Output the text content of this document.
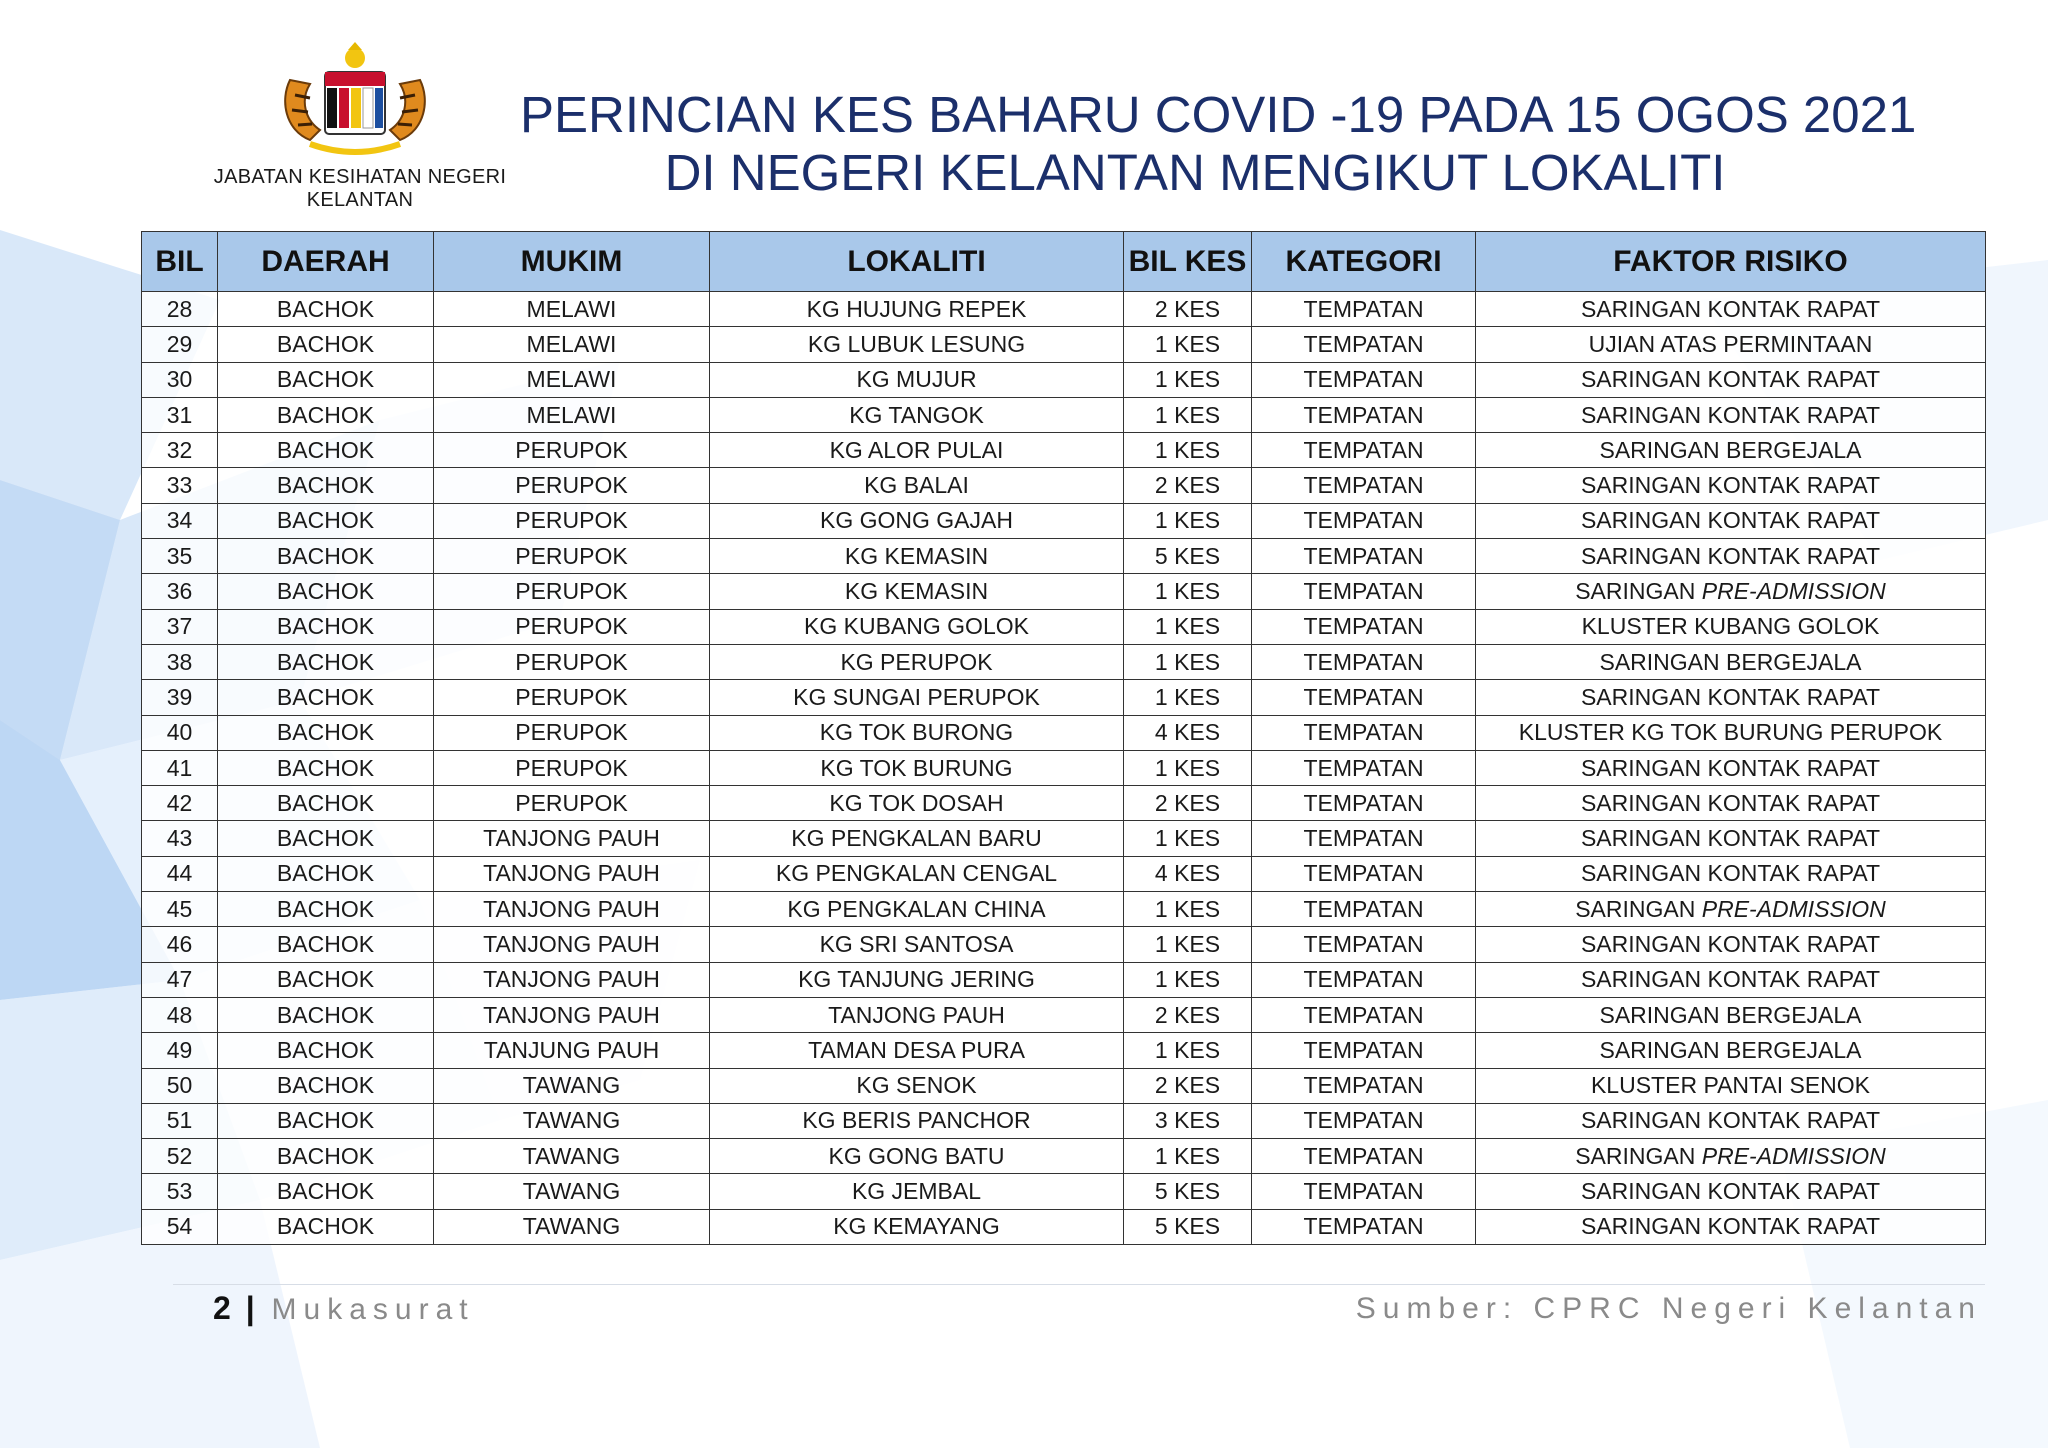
JABATAN KESIHATAN NEGERI KELANTAN
PERINCIAN KES BAHARU COVID -19 PADA 15 OGOS 2021
DI NEGERI KELANTAN MENGIKUT LOKALITI
BIL	DAERAH	MUKIM	LOKALITI	BIL KES	KATEGORI	FAKTOR RISIKO
28	BACHOK	MELAWI	KG HUJUNG REPEK	2 KES	TEMPATAN	SARINGAN KONTAK RAPAT
29	BACHOK	MELAWI	KG LUBUK LESUNG	1 KES	TEMPATAN	UJIAN ATAS PERMINTAAN
30	BACHOK	MELAWI	KG MUJUR	1 KES	TEMPATAN	SARINGAN KONTAK RAPAT
31	BACHOK	MELAWI	KG TANGOK	1 KES	TEMPATAN	SARINGAN KONTAK RAPAT
32	BACHOK	PERUPOK	KG ALOR PULAI	1 KES	TEMPATAN	SARINGAN BERGEJALA
33	BACHOK	PERUPOK	KG BALAI	2 KES	TEMPATAN	SARINGAN KONTAK RAPAT
34	BACHOK	PERUPOK	KG GONG GAJAH	1 KES	TEMPATAN	SARINGAN KONTAK RAPAT
35	BACHOK	PERUPOK	KG KEMASIN	5 KES	TEMPATAN	SARINGAN KONTAK RAPAT
36	BACHOK	PERUPOK	KG KEMASIN	1 KES	TEMPATAN	SARINGAN PRE-ADMISSION
37	BACHOK	PERUPOK	KG KUBANG GOLOK	1 KES	TEMPATAN	KLUSTER KUBANG GOLOK
38	BACHOK	PERUPOK	KG PERUPOK	1 KES	TEMPATAN	SARINGAN BERGEJALA
39	BACHOK	PERUPOK	KG SUNGAI PERUPOK	1 KES	TEMPATAN	SARINGAN KONTAK RAPAT
40	BACHOK	PERUPOK	KG TOK BURONG	4 KES	TEMPATAN	KLUSTER KG TOK BURUNG PERUPOK
41	BACHOK	PERUPOK	KG TOK BURUNG	1 KES	TEMPATAN	SARINGAN KONTAK RAPAT
42	BACHOK	PERUPOK	KG TOK DOSAH	2 KES	TEMPATAN	SARINGAN KONTAK RAPAT
43	BACHOK	TANJONG PAUH	KG PENGKALAN BARU	1 KES	TEMPATAN	SARINGAN KONTAK RAPAT
44	BACHOK	TANJONG PAUH	KG PENGKALAN CENGAL	4 KES	TEMPATAN	SARINGAN KONTAK RAPAT
45	BACHOK	TANJONG PAUH	KG PENGKALAN CHINA	1 KES	TEMPATAN	SARINGAN PRE-ADMISSION
46	BACHOK	TANJONG PAUH	KG SRI SANTOSA	1 KES	TEMPATAN	SARINGAN KONTAK RAPAT
47	BACHOK	TANJONG PAUH	KG TANJUNG JERING	1 KES	TEMPATAN	SARINGAN KONTAK RAPAT
48	BACHOK	TANJONG PAUH	TANJONG PAUH	2 KES	TEMPATAN	SARINGAN BERGEJALA
49	BACHOK	TANJUNG PAUH	TAMAN DESA PURA	1 KES	TEMPATAN	SARINGAN BERGEJALA
50	BACHOK	TAWANG	KG SENOK	2 KES	TEMPATAN	KLUSTER PANTAI SENOK
51	BACHOK	TAWANG	KG BERIS PANCHOR	3 KES	TEMPATAN	SARINGAN KONTAK RAPAT
52	BACHOK	TAWANG	KG GONG BATU	1 KES	TEMPATAN	SARINGAN PRE-ADMISSION
53	BACHOK	TAWANG	KG JEMBAL	5 KES	TEMPATAN	SARINGAN KONTAK RAPAT
54	BACHOK	TAWANG	KG KEMAYANG	5 KES	TEMPATAN	SARINGAN KONTAK RAPAT
2 | Mukasurat	Sumber: CPRC Negeri Kelantan
